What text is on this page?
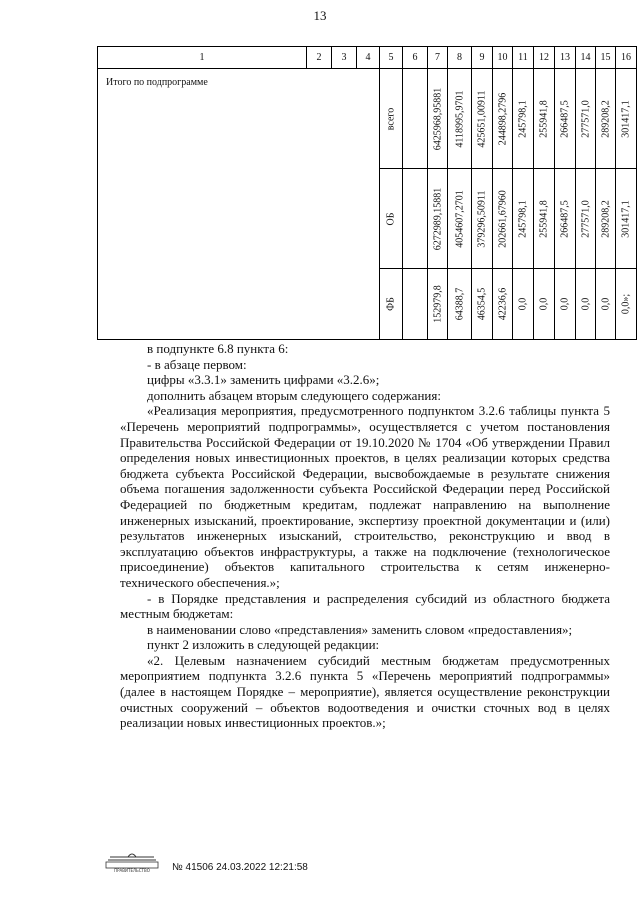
13
1	2	3	4	5	6	7	8	9	10	11	12	13	14	15	16
Итого по подпрограмме				всего		6425968,95881	4118995,9701	425651,00911	244898,2796	245798,1	255941,8	266487,5	277571,0	289208,2	301417,1

				ОБ		6272989,15881	4054607,2701	379296,50911	202661,67960	245798,1	255941,8	266487,5	277571,0	289208,2	301417,1

				ФБ		152979,8	64388,7	46354,5	42236,6	0,0	0,0	0,0	0,0	0,0	0,0»;

в подпункте 6.8 пункта 6:

- в абзаце первом:

цифры «3.3.1» заменить цифрами «3.2.6»;

дополнить абзацем вторым следующего содержания:

«Реализация мероприятия, предусмотренного подпунктом 3.2.6 таблицы пункта 5 «Перечень мероприятий подпрограммы», осуществляется с учетом постановления Правительства Российской Федерации от 19.10.2020 № 1704 «Об утверждении Правил определения новых инвестиционных проектов, в целях реализации которых средства бюджета субъекта Российской Федерации, высвобождаемые в результате снижения объема погашения задолженности субъекта Российской Федерации перед Российской Федерацией по бюджетным кредитам, подлежат направлению на выполнение инженерных изысканий, проектирование, экспертизу проектной документации и (или) результатов инженерных изысканий, строительство, реконструкцию и ввод в эксплуатацию объектов инфраструктуры, а также на подключение (технологическое присоединение) объектов капитального строительства к сетям инженерно- технического обеспечения.»;

- в Порядке представления и распределения субсидий из областного бюджета местным бюджетам:

в наименовании слово «представления» заменить словом «предоставления»;

пункт 2 изложить в следующей редакции:

«2. Целевым назначением субсидий местным бюджетам предусмотренных мероприятием подпункта 3.2.6 пункта 5 «Перечень мероприятий подпрограммы» (далее в настоящем Порядке – мероприятие), является осуществление реконструкции очистных сооружений – объектов водоотведения и очистки сточных вод в целях реализации новых инвестиционных проектов.»;

ПРАВИТЕЛЬСТВО № 41506 24.03.2022 12:21:58
